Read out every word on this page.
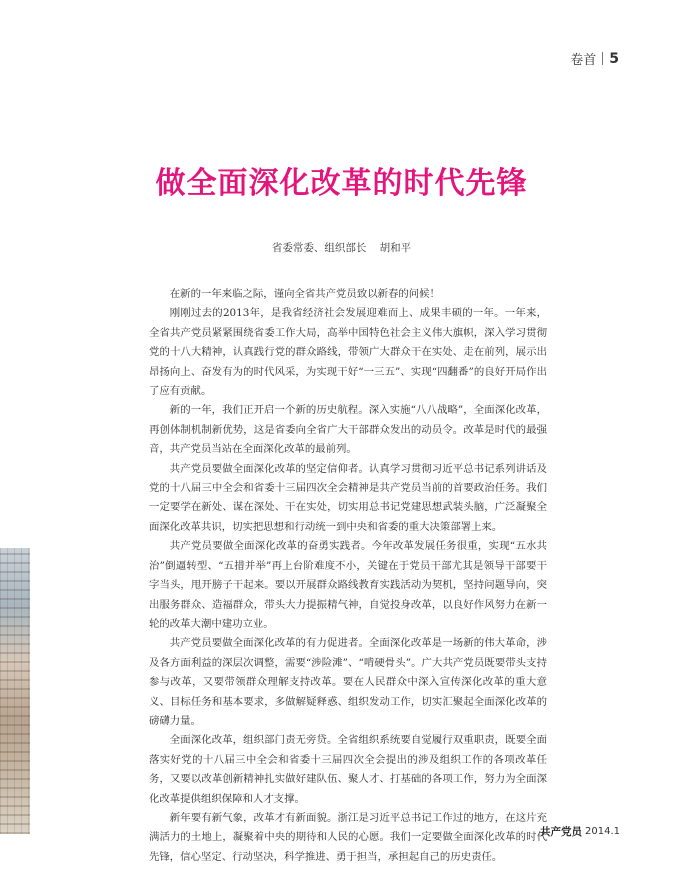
卷首 5
做全面深化改革的时代先锋
省委常委、组织部长 胡和平

在新的一年来临之际，谨向全省共产党员致以新春的问候！

刚刚过去的2013年，是我省经济社会发展迎难而上、成果丰硕的一年。一年来，全省共产党员紧紧围绕省委工作大局，高举中国特色社会主义伟大旗帜，深入学习贯彻党的十八大精神，认真践行党的群众路线，带领广大群众干在实处、走在前列，展示出昂扬向上、奋发有为的时代风采，为实现干好“一三五”、实现“四翻番”的良好开局作出了应有贡献。

新的一年，我们正开启一个新的历史航程。深入实施“八八战略”，全面深化改革，再创体制机制新优势，这是省委向全省广大干部群众发出的动员令。改革是时代的最强音，共产党员当站在全面深化改革的最前列。

共产党员要做全面深化改革的坚定信仰者。认真学习贯彻习近平总书记系列讲话及党的十八届三中全会和省委十三届四次全会精神是共产党员当前的首要政治任务。我们一定要学在新处、谋在深处、干在实处，切实用总书记党建思想武装头脑，广泛凝聚全面深化改革共识，切实把思想和行动统一到中央和省委的重大决策部署上来。

共产党员要做全面深化改革的奋勇实践者。今年改革发展任务很重，实现“五水共治”倒逼转型、“五措并举”再上台阶难度不小，关键在于党员干部尤其是领导干部要干字当头，甩开膀子干起来。要以开展群众路线教育实践活动为契机，坚持问题导向，突出服务群众、造福群众，带头大力提振精气神，自觉投身改革，以良好作风努力在新一轮的改革大潮中建功立业。

共产党员要做全面深化改革的有力促进者。全面深化改革是一场新的伟大革命，涉及各方面利益的深层次调整，需要“涉险滩”、“啃硬骨头”。广大共产党员既要带头支持参与改革，又要带领群众理解支持改革。要在人民群众中深入宣传深化改革的重大意义、目标任务和基本要求，多做解疑释惑、组织发动工作，切实汇聚起全面深化改革的磅礴力量。

全面深化改革，组织部门责无旁贷。全省组织系统要自觉履行双重职责，既要全面落实好党的十八届三中全会和省委十三届四次全会提出的涉及组织工作的各项改革任务，又要以改革创新精神扎实做好建队伍、聚人才、打基础的各项工作，努力为全面深化改革提供组织保障和人才支撑。

新年要有新气象，改革才有新面貌。浙江是习近平总书记工作过的地方，在这片充满活力的土地上，凝聚着中央的期待和人民的心愿。我们一定要做全面深化改革的时代先锋，信心坚定、行动坚决，科学推进、勇于担当，承担起自己的历史责任。

共产党员 2014.1
